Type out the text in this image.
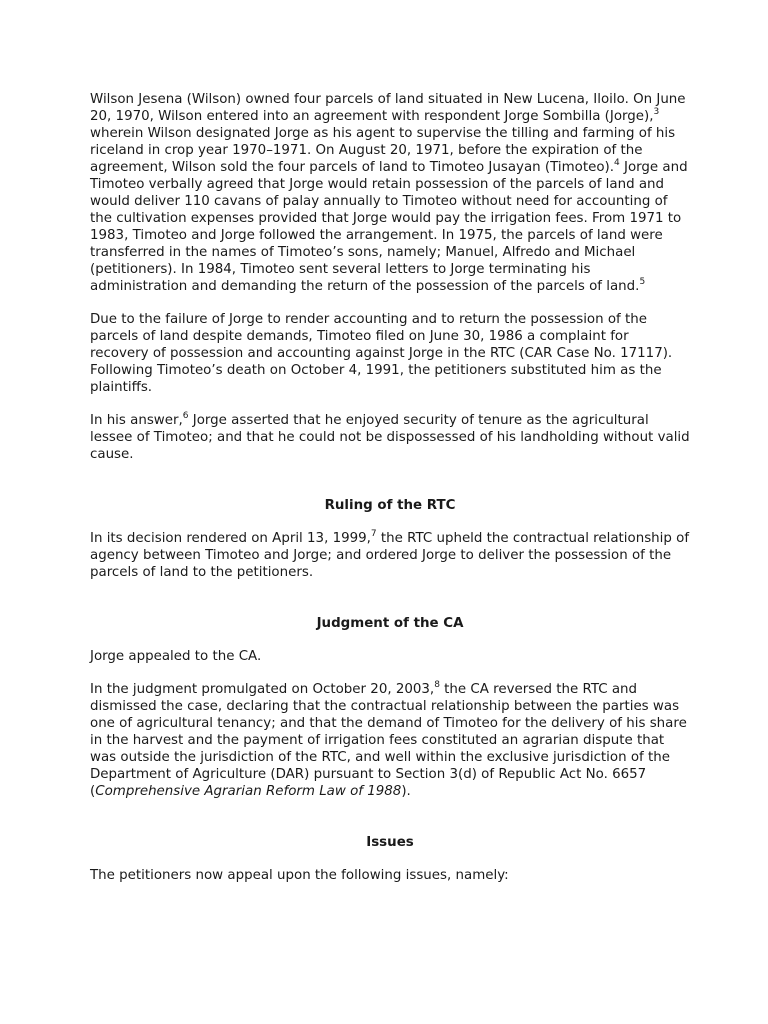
Wilson Jesena (Wilson) owned four parcels of land situated in New Lucena, Iloilo. On June 20, 1970, Wilson entered into an agreement with respondent Jorge Sombilla (Jorge),$^3$ wherein Wilson designated Jorge as his agent to supervise the tilling and farming of his riceland in crop year 1970–1971. On August 20, 1971, before the expiration of the agreement, Wilson sold the four parcels of land to Timoteo Jusayan (Timoteo).$^4$ Jorge and Timoteo verbally agreed that Jorge would retain possession of the parcels of land and would deliver 110 cavans of palay annually to Timoteo without need for accounting of the cultivation expenses provided that Jorge would pay the irrigation fees. From 1971 to 1983, Timoteo and Jorge followed the arrangement. In 1975, the parcels of land were transferred in the names of Timoteo’s sons, namely; Manuel, Alfredo and Michael (petitioners). In 1984, Timoteo sent several letters to Jorge terminating his administration and demanding the return of the possession of the parcels of land.$^5$

Due to the failure of Jorge to render accounting and to return the possession of the parcels of land despite demands, Timoteo filed on June 30, 1986 a complaint for recovery of possession and accounting against Jorge in the RTC (CAR Case No. 17117). Following Timoteo’s death on October 4, 1991, the petitioners substituted him as the plaintiffs.

In his answer,$^6$ Jorge asserted that he enjoyed security of tenure as the agricultural lessee of Timoteo; and that he could not be dispossessed of his landholding without valid cause.

Ruling of the RTC

In its decision rendered on April 13, 1999,$^7$ the RTC upheld the contractual relationship of agency between Timoteo and Jorge; and ordered Jorge to deliver the possession of the parcels of land to the petitioners.

Judgment of the CA

Jorge appealed to the CA.

In the judgment promulgated on October 20, 2003,$^8$ the CA reversed the RTC and dismissed the case, declaring that the contractual relationship between the parties was one of agricultural tenancy; and that the demand of Timoteo for the delivery of his share in the harvest and the payment of irrigation fees constituted an agrarian dispute that was outside the jurisdiction of the RTC, and well within the exclusive jurisdiction of the Department of Agriculture (DAR) pursuant to Section 3(d) of Republic Act No. 6657 (Comprehensive Agrarian Reform Law of 1988).

Issues

The petitioners now appeal upon the following issues, namely:
